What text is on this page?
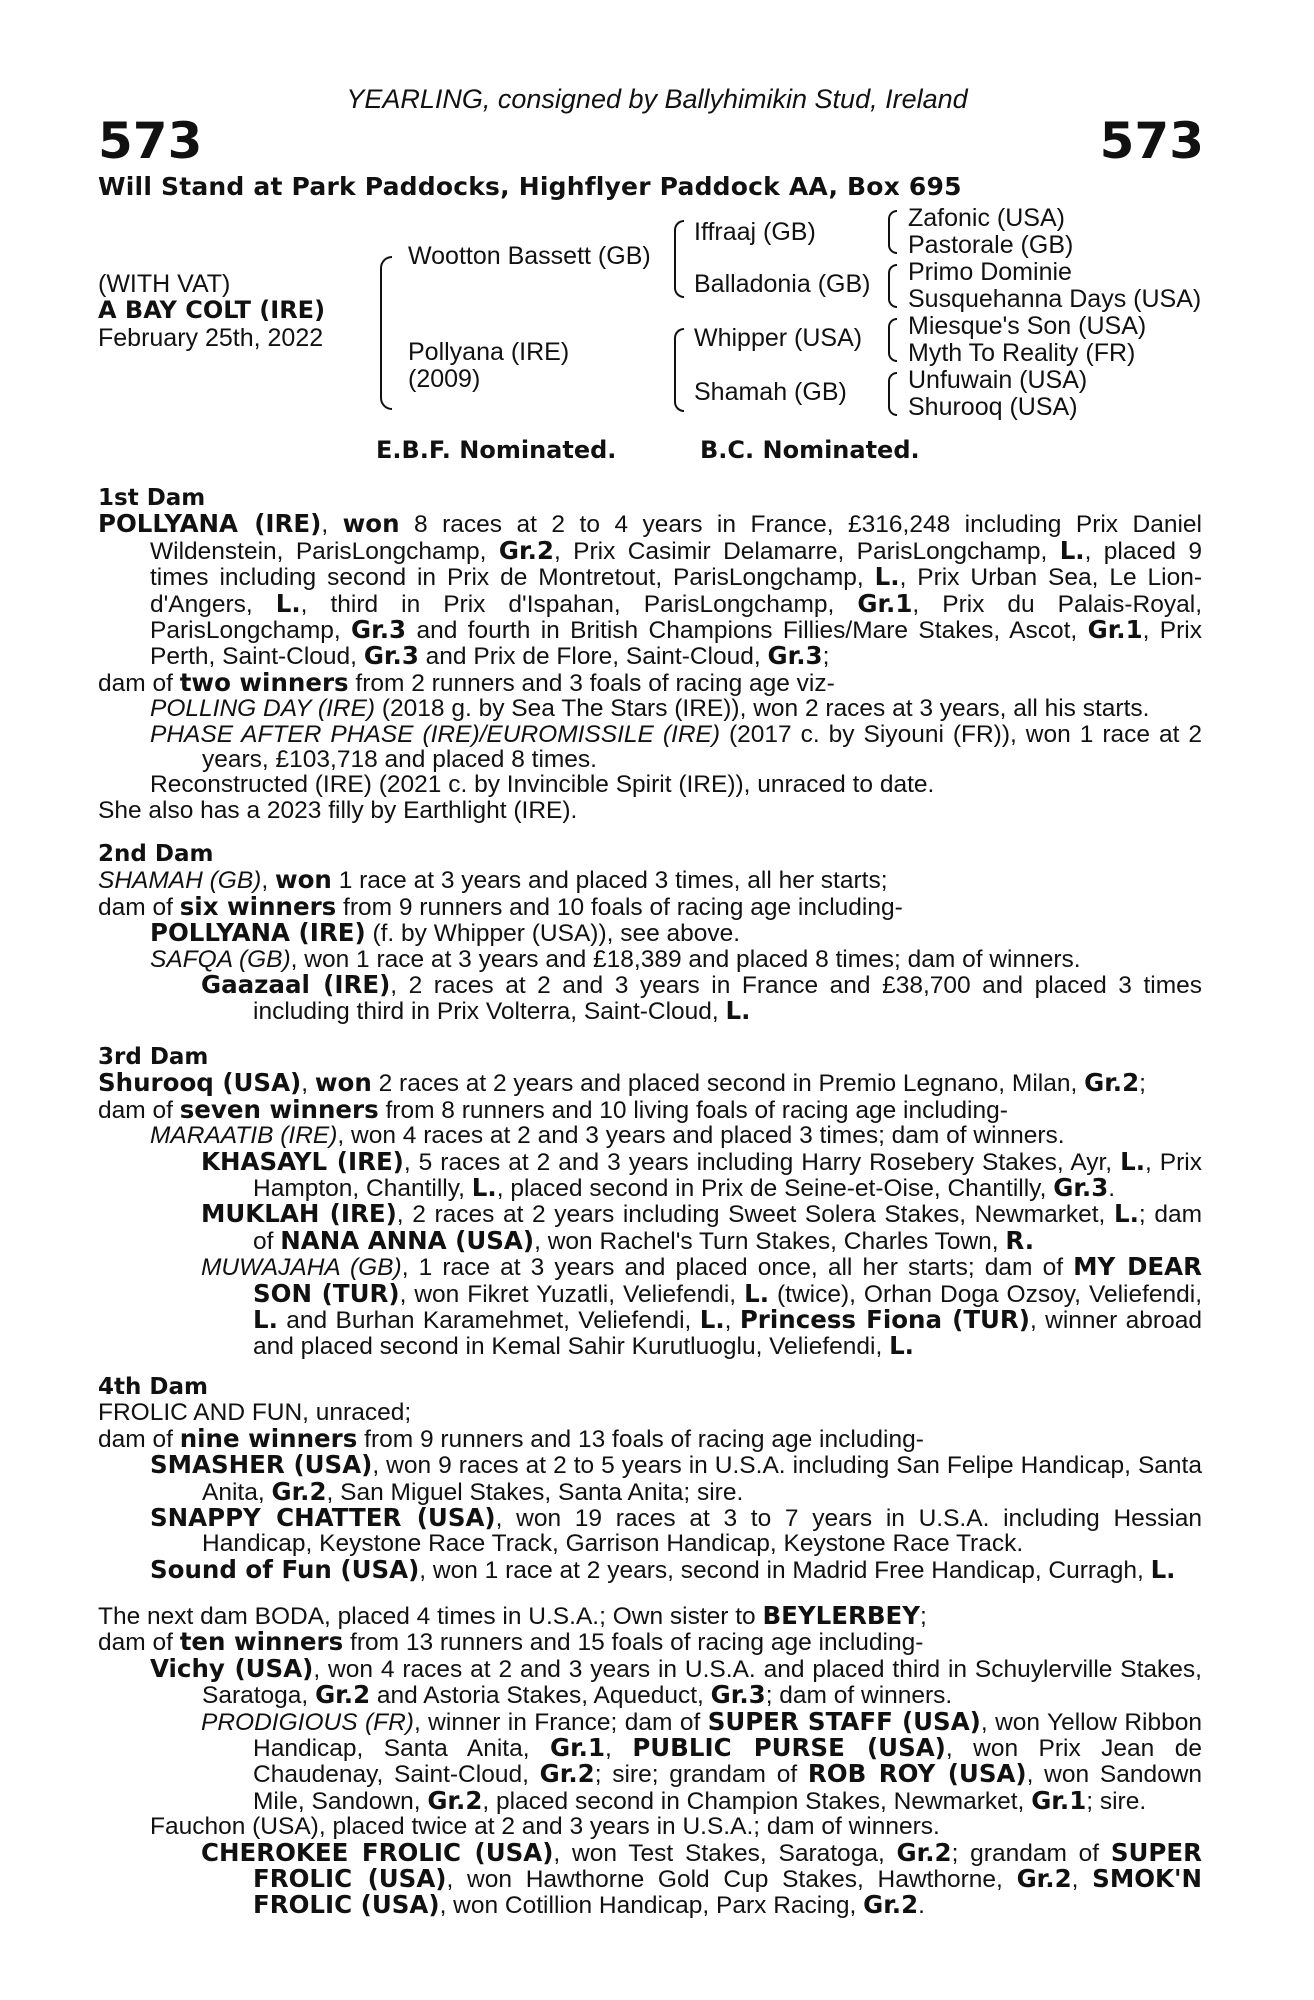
YEARLING, consigned by Ballyhimikin Stud, Ireland
573	573
Will Stand at Park Paddocks, Highflyer Paddock AA, Box 695
(WITH VAT)
A BAY COLT (IRE)
February 25th, 2022
Wootton Bassett (GB)
Pollyana (IRE)
(2009)
Iffraaj (GB)
Balladonia (GB)
Whipper (USA)
Shamah (GB)
Zafonic (USA)
Pastorale (GB)
Primo Dominie
Susquehanna Days (USA)
Miesque's Son (USA)
Myth To Reality (FR)
Unfuwain (USA)
Shurooq (USA)
E.B.F. Nominated.	B.C. Nominated.

1st Dam

POLLYANA (IRE), won 8 races at 2 to 4 years in France, £316,248 including Prix Daniel Wildenstein, ParisLongchamp, Gr.2, Prix Casimir Delamarre, ParisLongchamp, L., placed 9 times including second in Prix de Montretout, ParisLongchamp, L., Prix Urban Sea, Le Lion-d'Angers, L., third in Prix d'Ispahan, ParisLongchamp, Gr.1, Prix du Palais-Royal, ParisLongchamp, Gr.3 and fourth in British Champions Fillies/Mare Stakes, Ascot, Gr.1, Prix Perth, Saint-Cloud, Gr.3 and Prix de Flore, Saint-Cloud, Gr.3;

dam of two winners from 2 runners and 3 foals of racing age viz-

POLLING DAY (IRE) (2018 g. by Sea The Stars (IRE)), won 2 races at 3 years, all his starts.

PHASE AFTER PHASE (IRE)/EUROMISSILE (IRE) (2017 c. by Siyouni (FR)), won 1 race at 2 years, £103,718 and placed 8 times.

Reconstructed (IRE) (2021 c. by Invincible Spirit (IRE)), unraced to date.

She also has a 2023 filly by Earthlight (IRE).

2nd Dam

SHAMAH (GB), won 1 race at 3 years and placed 3 times, all her starts;

dam of six winners from 9 runners and 10 foals of racing age including-

POLLYANA (IRE) (f. by Whipper (USA)), see above.

SAFQA (GB), won 1 race at 3 years and £18,389 and placed 8 times; dam of winners.

Gaazaal (IRE), 2 races at 2 and 3 years in France and £38,700 and placed 3 times including third in Prix Volterra, Saint-Cloud, L.

3rd Dam

Shurooq (USA), won 2 races at 2 years and placed second in Premio Legnano, Milan, Gr.2;

dam of seven winners from 8 runners and 10 living foals of racing age including-

MARAATIB (IRE), won 4 races at 2 and 3 years and placed 3 times; dam of winners.

KHASAYL (IRE), 5 races at 2 and 3 years including Harry Rosebery Stakes, Ayr, L., Prix Hampton, Chantilly, L., placed second in Prix de Seine-et-Oise, Chantilly, Gr.3.

MUKLAH (IRE), 2 races at 2 years including Sweet Solera Stakes, Newmarket, L.; dam of NANA ANNA (USA), won Rachel's Turn Stakes, Charles Town, R.

MUWAJAHA (GB), 1 race at 3 years and placed once, all her starts; dam of MY DEAR SON (TUR), won Fikret Yuzatli, Veliefendi, L. (twice), Orhan Doga Ozsoy, Veliefendi, L. and Burhan Karamehmet, Veliefendi, L., Princess Fiona (TUR), winner abroad and placed second in Kemal Sahir Kurutluoglu, Veliefendi, L.

4th Dam

FROLIC AND FUN, unraced;

dam of nine winners from 9 runners and 13 foals of racing age including-

SMASHER (USA), won 9 races at 2 to 5 years in U.S.A. including San Felipe Handicap, Santa Anita, Gr.2, San Miguel Stakes, Santa Anita; sire.

SNAPPY CHATTER (USA), won 19 races at 3 to 7 years in U.S.A. including Hessian Handicap, Keystone Race Track, Garrison Handicap, Keystone Race Track.

Sound of Fun (USA), won 1 race at 2 years, second in Madrid Free Handicap, Curragh, L.

The next dam BODA, placed 4 times in U.S.A.; Own sister to BEYLERBEY;

dam of ten winners from 13 runners and 15 foals of racing age including-

Vichy (USA), won 4 races at 2 and 3 years in U.S.A. and placed third in Schuylerville Stakes, Saratoga, Gr.2 and Astoria Stakes, Aqueduct, Gr.3; dam of winners.

PRODIGIOUS (FR), winner in France; dam of SUPER STAFF (USA), won Yellow Ribbon Handicap, Santa Anita, Gr.1, PUBLIC PURSE (USA), won Prix Jean de Chaudenay, Saint-Cloud, Gr.2; sire; grandam of ROB ROY (USA), won Sandown Mile, Sandown, Gr.2, placed second in Champion Stakes, Newmarket, Gr.1; sire.

Fauchon (USA), placed twice at 2 and 3 years in U.S.A.; dam of winners.

CHEROKEE FROLIC (USA), won Test Stakes, Saratoga, Gr.2; grandam of SUPER FROLIC (USA), won Hawthorne Gold Cup Stakes, Hawthorne, Gr.2, SMOK'N FROLIC (USA), won Cotillion Handicap, Parx Racing, Gr.2.
